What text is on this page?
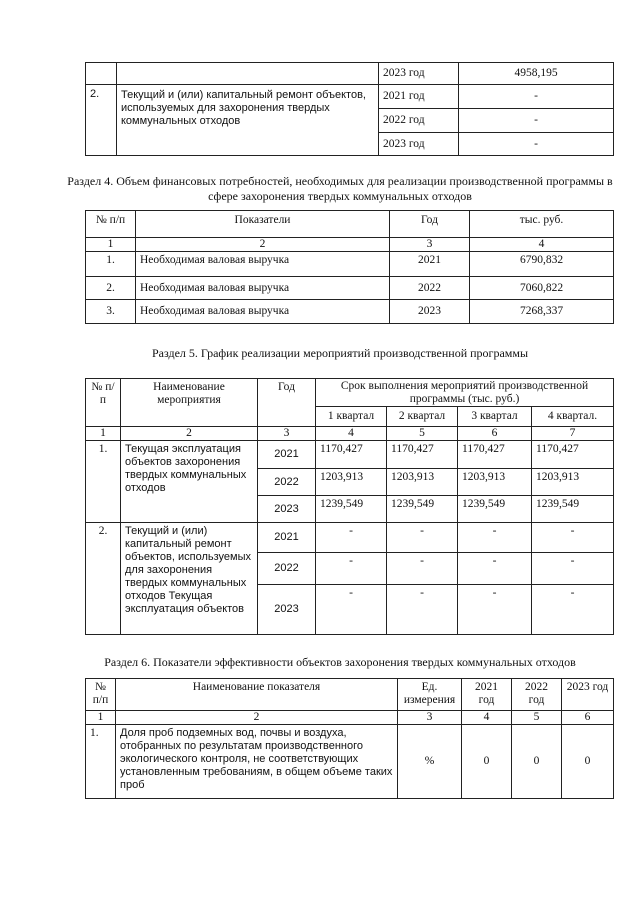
		2023 год	4958,195
2.	Текущий и (или) капитальный ремонт объектов, используемых для захоронения твердых коммунальных отходов	2021 год	-
		2022 год	-
		2023 год	-
Раздел 4. Объем финансовых потребностей, необходимых для реализации производственной программы в сфере захоронения твердых коммунальных отходов
№ п/п	Показатели	Год	тыс. руб.
1	2	3	4
1.	Необходимая валовая выручка	2021	6790,832
2.	Необходимая валовая выручка	2022	7060,822
3.	Необходимая валовая выручка	2023	7268,337
Раздел 5. График реализации мероприятий производственной программы
№ п/п	Наименование мероприятия	Год	Срок выполнения мероприятий производственной программы (тыс. руб.)			
			1 квартал	2 квартал	3 квартал	4 квартал.
1	2	3	4	5	6	7
1.	Текущая эксплуатация объектов захоронения твердых коммунальных отходов	2021	1170,427	1170,427	1170,427	1170,427
		2022	1203,913	1203,913	1203,913	1203,913
		2023	1239,549	1239,549	1239,549	1239,549
2.	Текущий и (или) капитальный ремонт объектов, используемых для захоронения твердых коммунальных отходов Текущая эксплуатация объектов	2021	-	-	-	-
		2022	-	-	-	-
		2023	-	-	-	-
Раздел 6. Показатели эффективности объектов захоронения твердых коммунальных отходов
№ п/п	Наименование показателя	Ед. измерения	2021 год	2022 год	2023 год
1	2	3	4	5	6
1.	Доля проб подземных вод, почвы и воздуха, отобранных по результатам производственного экологического контроля, не соответствующих установленным требованиям, в общем объеме таких проб	%	0	0	0
